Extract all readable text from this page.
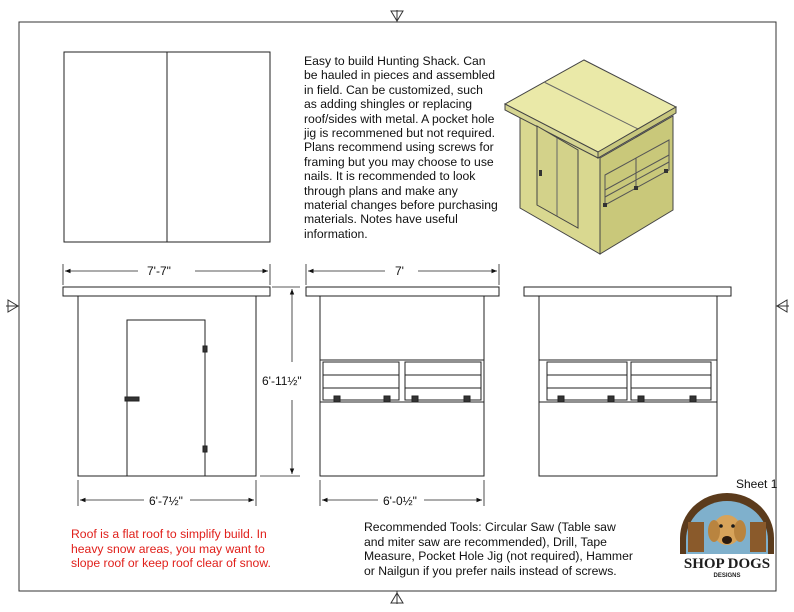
SHOP DOGS
DESIGNS
7'-7"	7'
6'-7½"	6'-0½"
6'-11½"
Easy to build Hunting Shack. Can be hauled in pieces and assembled in field. Can be customized, such as adding shingles or replacing roof/sides with metal. A pocket hole jig is recommened but not required. Plans recommend using screws for framing but you may choose to use nails. It is recommended to look through plans and make any material changes before purchasing materials. Notes have useful information.
Roof is a flat roof to simplify build. In heavy snow areas, you may want to slope roof or keep roof clear of snow.
Recommended Tools: Circular Saw (Table saw and miter saw are recommended), Drill, Tape Measure, Pocket Hole Jig (not required), Hammer or Nailgun if you prefer nails instead of screws.
Sheet 1
